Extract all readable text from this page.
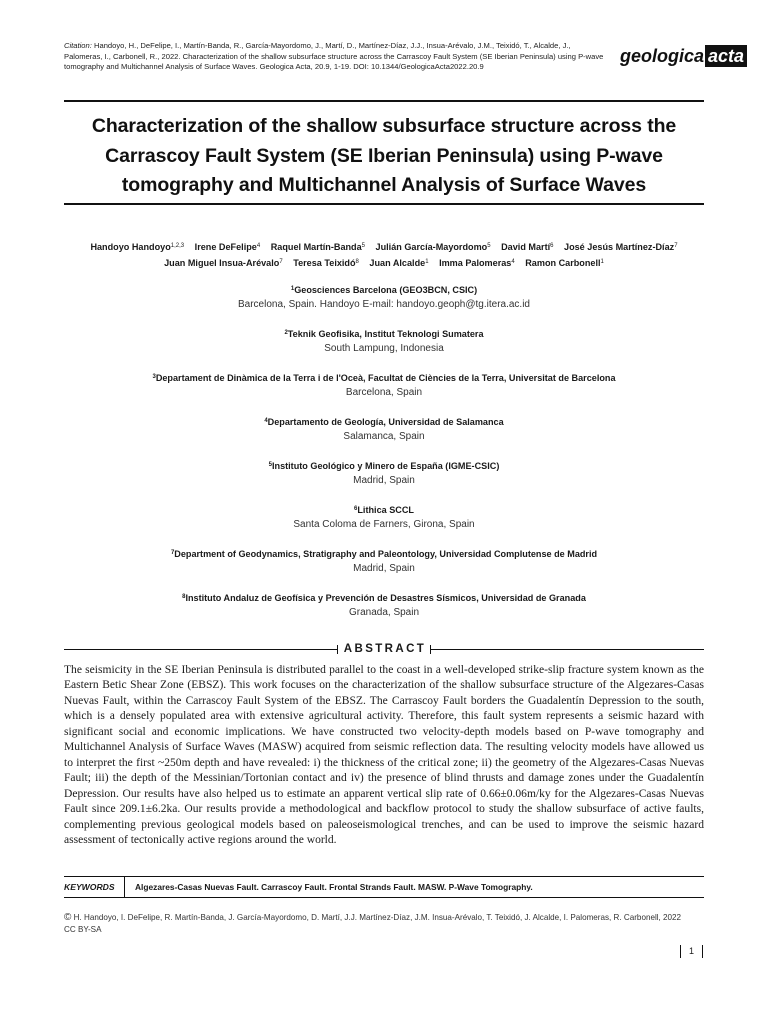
Citation: Handoyo, H., DeFelipe, I., Martín-Banda, R., García-Mayordomo, J., Martí, D., Martínez-Díaz, J.J., Insua-Arévalo, J.M., Teixidó, T., Alcalde, J., Palomeras, I., Carbonell, R., 2022. Characterization of the shallow subsurface structure across the Carrascoy Fault System (SE Iberian Peninsula) using P-wave tomography and Multichannel Analysis of Surface Waves. Geologica Acta, 20.9, 1-19. DOI: 10.1344/GeologicaActa2022.20.9
geologica acta
Characterization of the shallow subsurface structure across the Carrascoy Fault System (SE Iberian Peninsula) using P-wave tomography and Multichannel Analysis of Surface Waves
Handoyo Handoyo$^{1,2,3}$ Irene DeFelipe$^4$ Raquel Martín-Banda$^5$ Julián García-Mayordomo$^5$ David Martí$^6$ José Jesús Martínez-Díaz$^7$
Juan Miguel Insua-Arévalo$^7$ Teresa Teixidó$^8$ Juan Alcalde$^1$ Imma Palomeras$^4$ Ramon Carbonell$^1$
$^1$Geosciences Barcelona (GEO3BCN, CSIC)
Barcelona, Spain. Handoyo E-mail: handoyo.geoph@tg.itera.ac.id
$^2$Teknik Geofisika, Institut Teknologi Sumatera
South Lampung, Indonesia
$^3$Departament de Dinàmica de la Terra i de l'Oceà, Facultat de Ciències de la Terra, Universitat de Barcelona
Barcelona, Spain
$^4$Departamento de Geología, Universidad de Salamanca
Salamanca, Spain
$^5$Instituto Geológico y Minero de España (IGME-CSIC)
Madrid, Spain
$^6$Lithica SCCL
Santa Coloma de Farners, Girona, Spain
$^7$Department of Geodynamics, Stratigraphy and Paleontology, Universidad Complutense de Madrid
Madrid, Spain
$^8$Instituto Andaluz de Geofísica y Prevención de Desastres Sísmicos, Universidad de Granada
Granada, Spain
ABSTRACT
The seismicity in the SE Iberian Peninsula is distributed parallel to the coast in a well-developed strike-slip fracture system known as the Eastern Betic Shear Zone (EBSZ). This work focuses on the characterization of the shallow subsurface structure of the Algezares-Casas Nuevas Fault, within the Carrascoy Fault System of the EBSZ. The Carrascoy Fault borders the Guadalentín Depression to the south, which is a densely populated area with extensive agricultural activity. Therefore, this fault system represents a seismic hazard with significant social and economic implications. We have constructed two velocity-depth models based on P-wave tomography and Multichannel Analysis of Surface Waves (MASW) acquired from seismic reflection data. The resulting velocity models have allowed us to interpret the first ~250m depth and have revealed: i) the thickness of the critical zone; ii) the geometry of the Algezares-Casas Nuevas Fault; iii) the depth of the Messinian/Tortonian contact and iv) the presence of blind thrusts and damage zones under the Guadalentín Depression. Our results have also helped us to estimate an apparent vertical slip rate of 0.66±0.06m/ky for the Algezares-Casas Nuevas Fault since 209.1±6.2ka. Our results provide a methodological and backflow protocol to study the shallow subsurface of active faults, complementing previous geological models based on paleoseismological trenches, and can be used to improve the seismic hazard assessment of tectonically active regions around the world.
KEYWORDS	Algezares-Casas Nuevas Fault. Carrascoy Fault. Frontal Strands Fault. MASW. P-Wave Tomography.
© H. Handoyo, I. DeFelipe, R. Martín-Banda, J. García-Mayordomo, D. Martí, J.J. Martínez-Díaz, J.M. Insua-Arévalo, T. Teixidó, J. Alcalde, I. Palomeras, R. Carbonell, 2022 CC BY-SA
1
